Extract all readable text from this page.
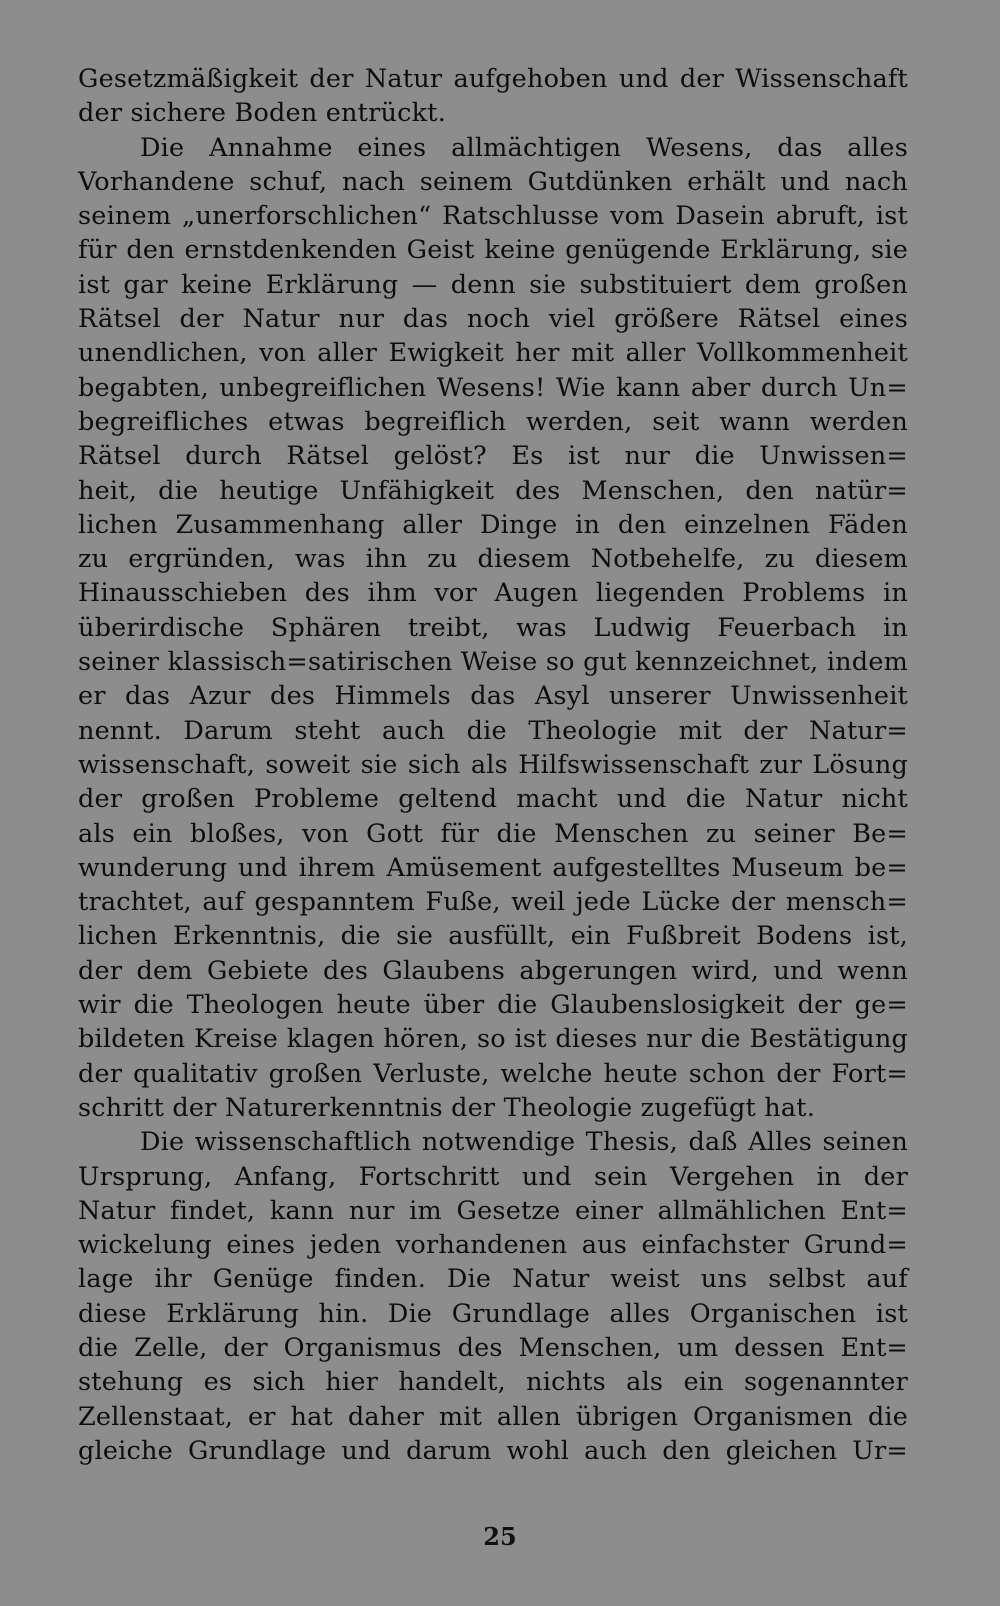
Gesetzmäßigkeit der Natur aufgehoben und der Wissenschaft
der sichere Boden entrückt.
Die Annahme eines allmächtigen Wesens, das alles
Vorhandene schuf, nach seinem Gutdünken erhält und nach
seinem „unerforschlichen“ Ratschlusse vom Dasein abruft, ist
für den ernstdenkenden Geist keine genügende Erklärung, sie
ist gar keine Erklärung — denn sie substituiert dem großen
Rätsel der Natur nur das noch viel größere Rätsel eines
unendlichen, von aller Ewigkeit her mit aller Vollkommenheit
begabten, unbegreiflichen Wesens! Wie kann aber durch Un=
begreifliches etwas begreiflich werden, seit wann werden
Rätsel durch Rätsel gelöst? Es ist nur die Unwissen=
heit, die heutige Unfähigkeit des Menschen, den natür=
lichen Zusammenhang aller Dinge in den einzelnen Fäden
zu ergründen, was ihn zu diesem Notbehelfe, zu diesem
Hinausschieben des ihm vor Augen liegenden Problems in
überirdische Sphären treibt, was Ludwig Feuerbach in
seiner klassisch=satirischen Weise so gut kennzeichnet, indem
er das Azur des Himmels das Asyl unserer Unwissenheit
nennt. Darum steht auch die Theologie mit der Natur=
wissenschaft, soweit sie sich als Hilfswissenschaft zur Lösung
der großen Probleme geltend macht und die Natur nicht
als ein bloßes, von Gott für die Menschen zu seiner Be=
wunderung und ihrem Amüsement aufgestelltes Museum be=
trachtet, auf gespanntem Fuße, weil jede Lücke der mensch=
lichen Erkenntnis, die sie ausfüllt, ein Fußbreit Bodens ist,
der dem Gebiete des Glaubens abgerungen wird, und wenn
wir die Theologen heute über die Glaubenslosigkeit der ge=
bildeten Kreise klagen hören, so ist dieses nur die Bestätigung
der qualitativ großen Verluste, welche heute schon der Fort=
schritt der Naturerkenntnis der Theologie zugefügt hat.
Die wissenschaftlich notwendige Thesis, daß Alles seinen
Ursprung, Anfang, Fortschritt und sein Vergehen in der
Natur findet, kann nur im Gesetze einer allmählichen Ent=
wickelung eines jeden vorhandenen aus einfachster Grund=
lage ihr Genüge finden. Die Natur weist uns selbst auf
diese Erklärung hin. Die Grundlage alles Organischen ist
die Zelle, der Organismus des Menschen, um dessen Ent=
stehung es sich hier handelt, nichts als ein sogenannter
Zellenstaat, er hat daher mit allen übrigen Organismen die
gleiche Grundlage und darum wohl auch den gleichen Ur=
25
